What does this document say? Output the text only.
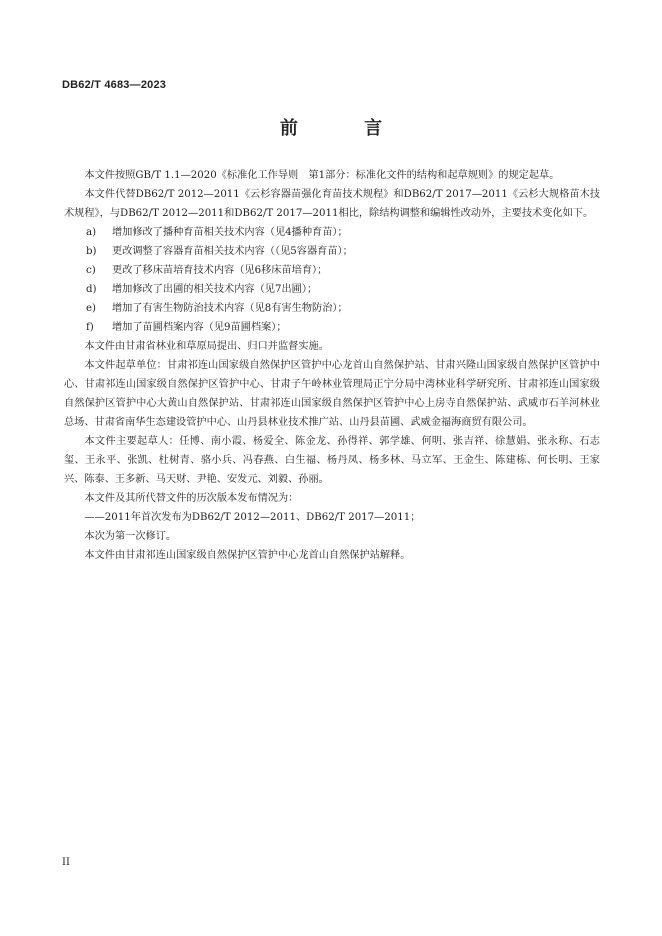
DB62/T 4683—2023
前 言

本文件按照GB/T 1.1—2020《标准化工作导则　第1部分：标准化文件的结构和起草规则》的规定起草。

本文件代替DB62/T 2012—2011《云杉容器苗强化育苗技术规程》和DB62/T 2017—2011《云杉大规格苗木技术规程》，与DB62/T 2012—2011和DB62/T 2017—2011相比，除结构调整和编辑性改动外，主要技术变化如下。

a)	增加修改了播种育苗相关技术内容（见4播种育苗）；
b)	更改调整了容器育苗相关技术内容（（见5容器育苗）；
c)	更改了移床苗培育技术内容（见6移床苗培育）；
d)	增加修改了出圃的相关技术内容（见7出圃）；
e)	增加了有害生物防治技术内容（见8有害生物防治）；
f)	增加了苗圃档案内容（见9苗圃档案）；

本文件由甘肃省林业和草原局提出、归口并监督实施。

本文件起草单位：甘肃祁连山国家级自然保护区管护中心龙首山自然保护站、甘肃兴隆山国家级自然保护区管护中心、甘肃祁连山国家级自然保护区管护中心、甘肃子午岭林业管理局正宁分局中湾林业科学研究所、甘肃祁连山国家级自然保护区管护中心大黄山自然保护站、甘肃祁连山国家级自然保护区管护中心上房寺自然保护站、武威市石羊河林业总场、甘肃省南华生态建设管护中心、山丹县林业技术推广站、山丹县苗圃、武威金福海商贸有限公司。

本文件主要起草人：任博、南小霞、杨爱全、陈金龙、孙得祥、郭学雄、何明、张吉祥、徐慧娟、张永称、石志玺、王永平、张凯、杜树青、骆小兵、冯春燕、白生福、杨丹凤、杨多林、马立军、王金生、陈建栋、何长明、王家兴、陈泰、王多新、马天财、尹艳、安发元、刘毅、孙丽。

本文件及其所代替文件的历次版本发布情况为：

——2011年首次发布为DB62/T 2012—2011、DB62/T 2017—2011；

本次为第一次修订。

本文件由甘肃祁连山国家级自然保护区管护中心龙首山自然保护站解释。

II
